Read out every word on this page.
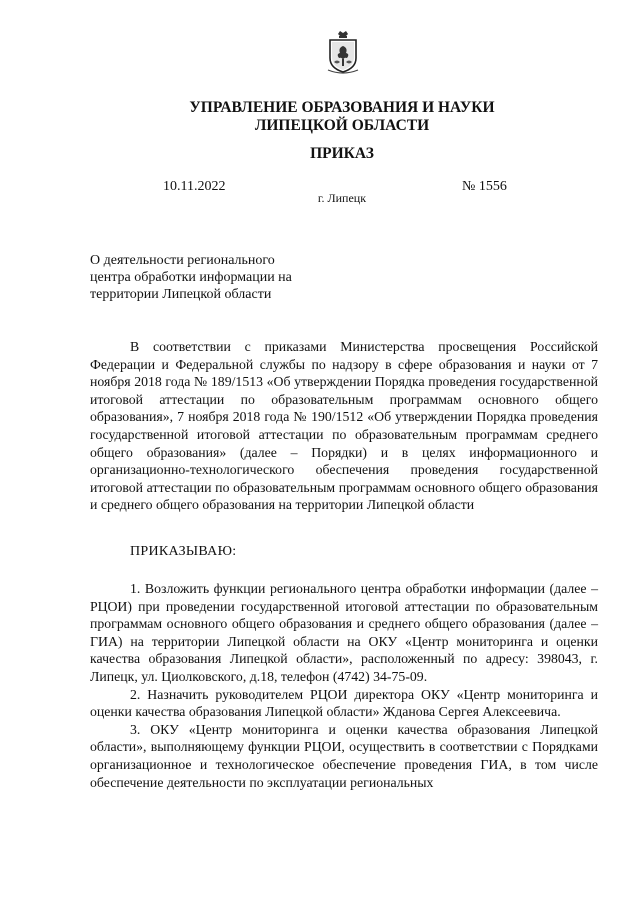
УПРАВЛЕНИЕ ОБРАЗОВАНИЯ И НАУКИ
ЛИПЕЦКОЙ ОБЛАСТИ
ПРИКАЗ
10.11.2022	№ 1556
г. Липецк
О деятельности регионального
центра обработки информации на
территории Липецкой области

В соответствии с приказами Министерства просвещения Российской Федерации и Федеральной службы по надзору в сфере образования и науки от 7 ноября 2018 года № 189/1513 «Об утверждении Порядка проведения государственной итоговой аттестации по образовательным программам основного общего образования», 7 ноября 2018 года № 190/1512 «Об утверждении Порядка проведения государственной итоговой аттестации по образовательным программам среднего общего образования» (далее – Порядки) и в целях информационного и организационно-технологического обеспечения проведения государственной итоговой аттестации по образовательным программам основного общего образования и среднего общего образования на территории Липецкой области

ПРИКАЗЫВАЮ:

1. Возложить функции регионального центра обработки информации (далее – РЦОИ) при проведении государственной итоговой аттестации по образовательным программам основного общего образования и среднего общего образования (далее – ГИА) на территории Липецкой области на ОКУ «Центр мониторинга и оценки качества образования Липецкой области», расположенный по адресу: 398043, г. Липецк, ул. Циолковского, д.18, телефон (4742) 34-75-09.

2. Назначить руководителем РЦОИ директора ОКУ «Центр мониторинга и оценки качества образования Липецкой области» Жданова Сергея Алексеевича.

3. ОКУ «Центр мониторинга и оценки качества образования Липецкой области», выполняющему функции РЦОИ, осуществить в соответствии с Порядками организационное и технологическое обеспечение проведения ГИА, в том числе обеспечение деятельности по эксплуатации региональных
